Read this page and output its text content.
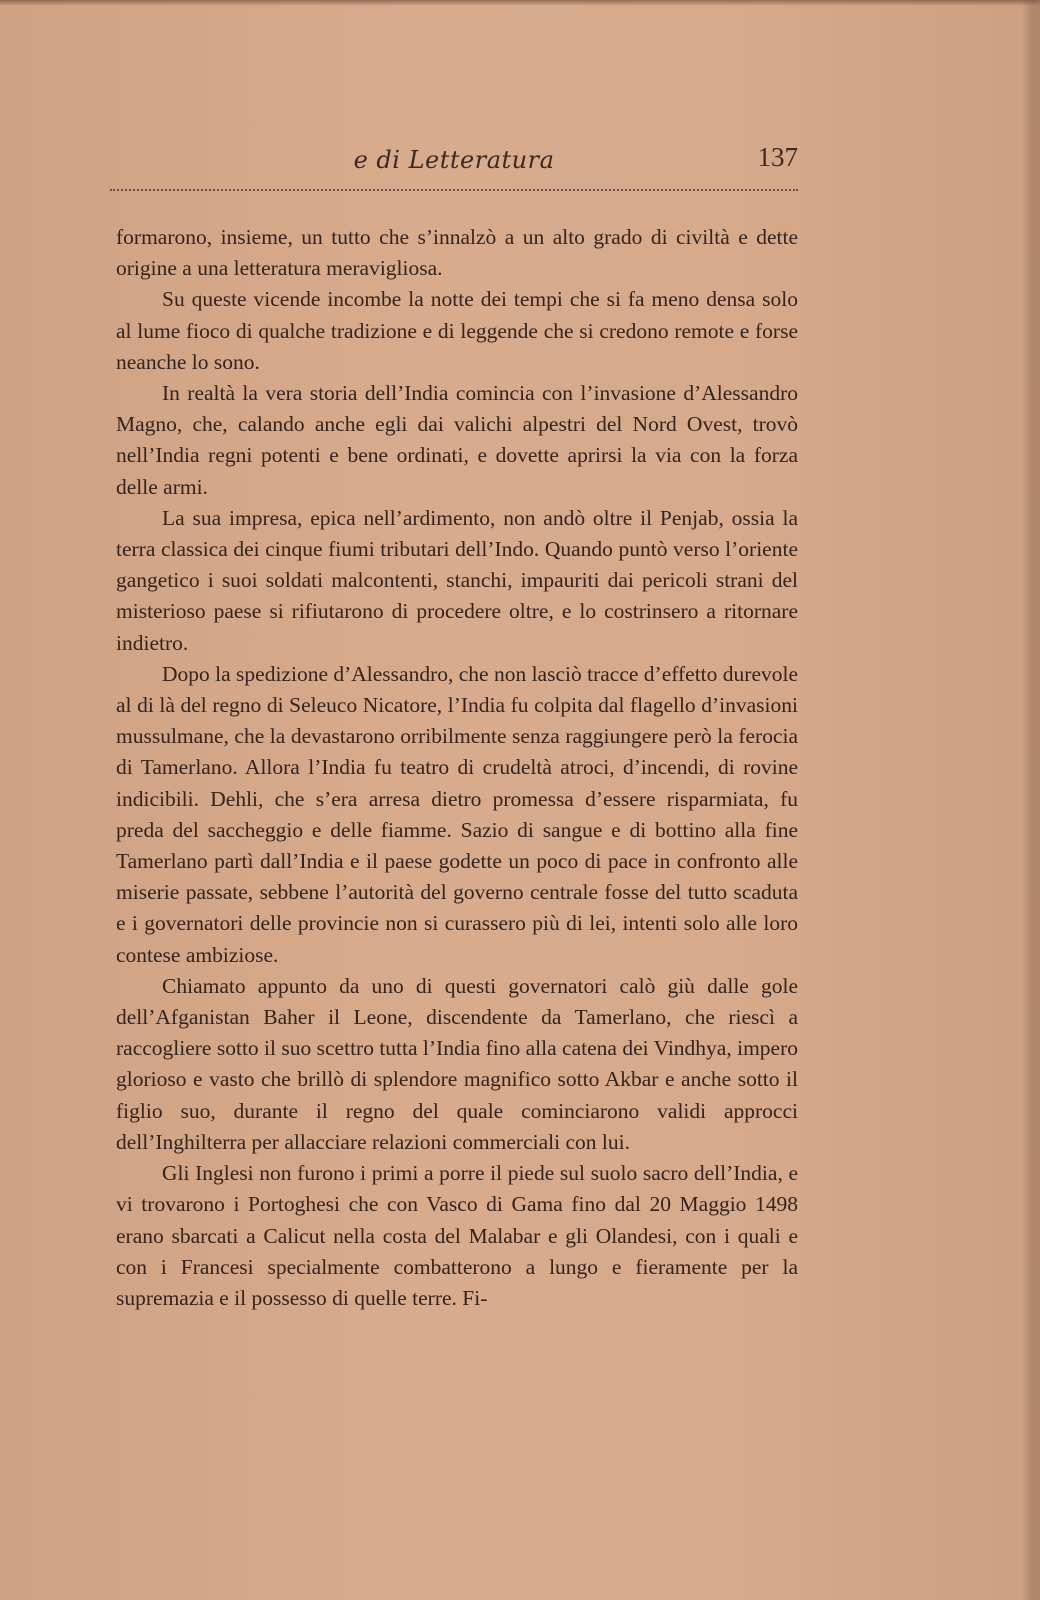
e di Letteratura	137

formarono, insieme, un tutto che s’innalzò a un alto grado di civiltà e dette origine a una letteratura meravigliosa.

Su queste vicende incombe la notte dei tempi che si fa meno densa solo al lume fioco di qualche tradizione e di leggende che si credono remote e forse neanche lo sono.

In realtà la vera storia dell’India comincia con l’invasione d’Alessandro Magno, che, calando anche egli dai valichi alpestri del Nord Ovest, trovò nell’India regni potenti e bene ordinati, e dovette aprirsi la via con la forza delle armi.

La sua impresa, epica nell’ardimento, non andò oltre il Penjab, ossia la terra classica dei cinque fiumi tributari dell’Indo. Quando puntò verso l’oriente gangetico i suoi soldati malcontenti, stanchi, impauriti dai pericoli strani del misterioso paese si rifiutarono di procedere oltre, e lo costrinsero a ritornare indietro.

Dopo la spedizione d’Alessandro, che non lasciò tracce d’effetto durevole al di là del regno di Seleuco Nicatore, l’India fu colpita dal flagello d’invasioni mussulmane, che la devastarono orribilmente senza raggiungere però la ferocia di Tamerlano. Allora l’India fu teatro di crudeltà atroci, d’incendi, di rovine indicibili. Dehli, che s’era arresa dietro promessa d’essere risparmiata, fu preda del saccheggio e delle fiamme. Sazio di sangue e di bottino alla fine Tamerlano partì dall’India e il paese godette un poco di pace in confronto alle miserie passate, sebbene l’autorità del governo centrale fosse del tutto scaduta e i governatori delle provincie non si curassero più di lei, intenti solo alle loro contese ambiziose.

Chiamato appunto da uno di questi governatori calò giù dalle gole dell’Afganistan Baher il Leone, discendente da Tamerlano, che riescì a raccogliere sotto il suo scettro tutta l’India fino alla catena dei Vindhya, impero glorioso e vasto che brillò di splendore magnifico sotto Akbar e anche sotto il figlio suo, durante il regno del quale cominciarono validi approcci dell’Inghilterra per allacciare relazioni commerciali con lui.

Gli Inglesi non furono i primi a porre il piede sul suolo sacro dell’India, e vi trovarono i Portoghesi che con Vasco di Gama fino dal 20 Maggio 1498 erano sbarcati a Calicut nella costa del Malabar e gli Olandesi, con i quali e con i Francesi specialmente combatterono a lungo e fieramente per la supremazia e il possesso di quelle terre. Fi-
